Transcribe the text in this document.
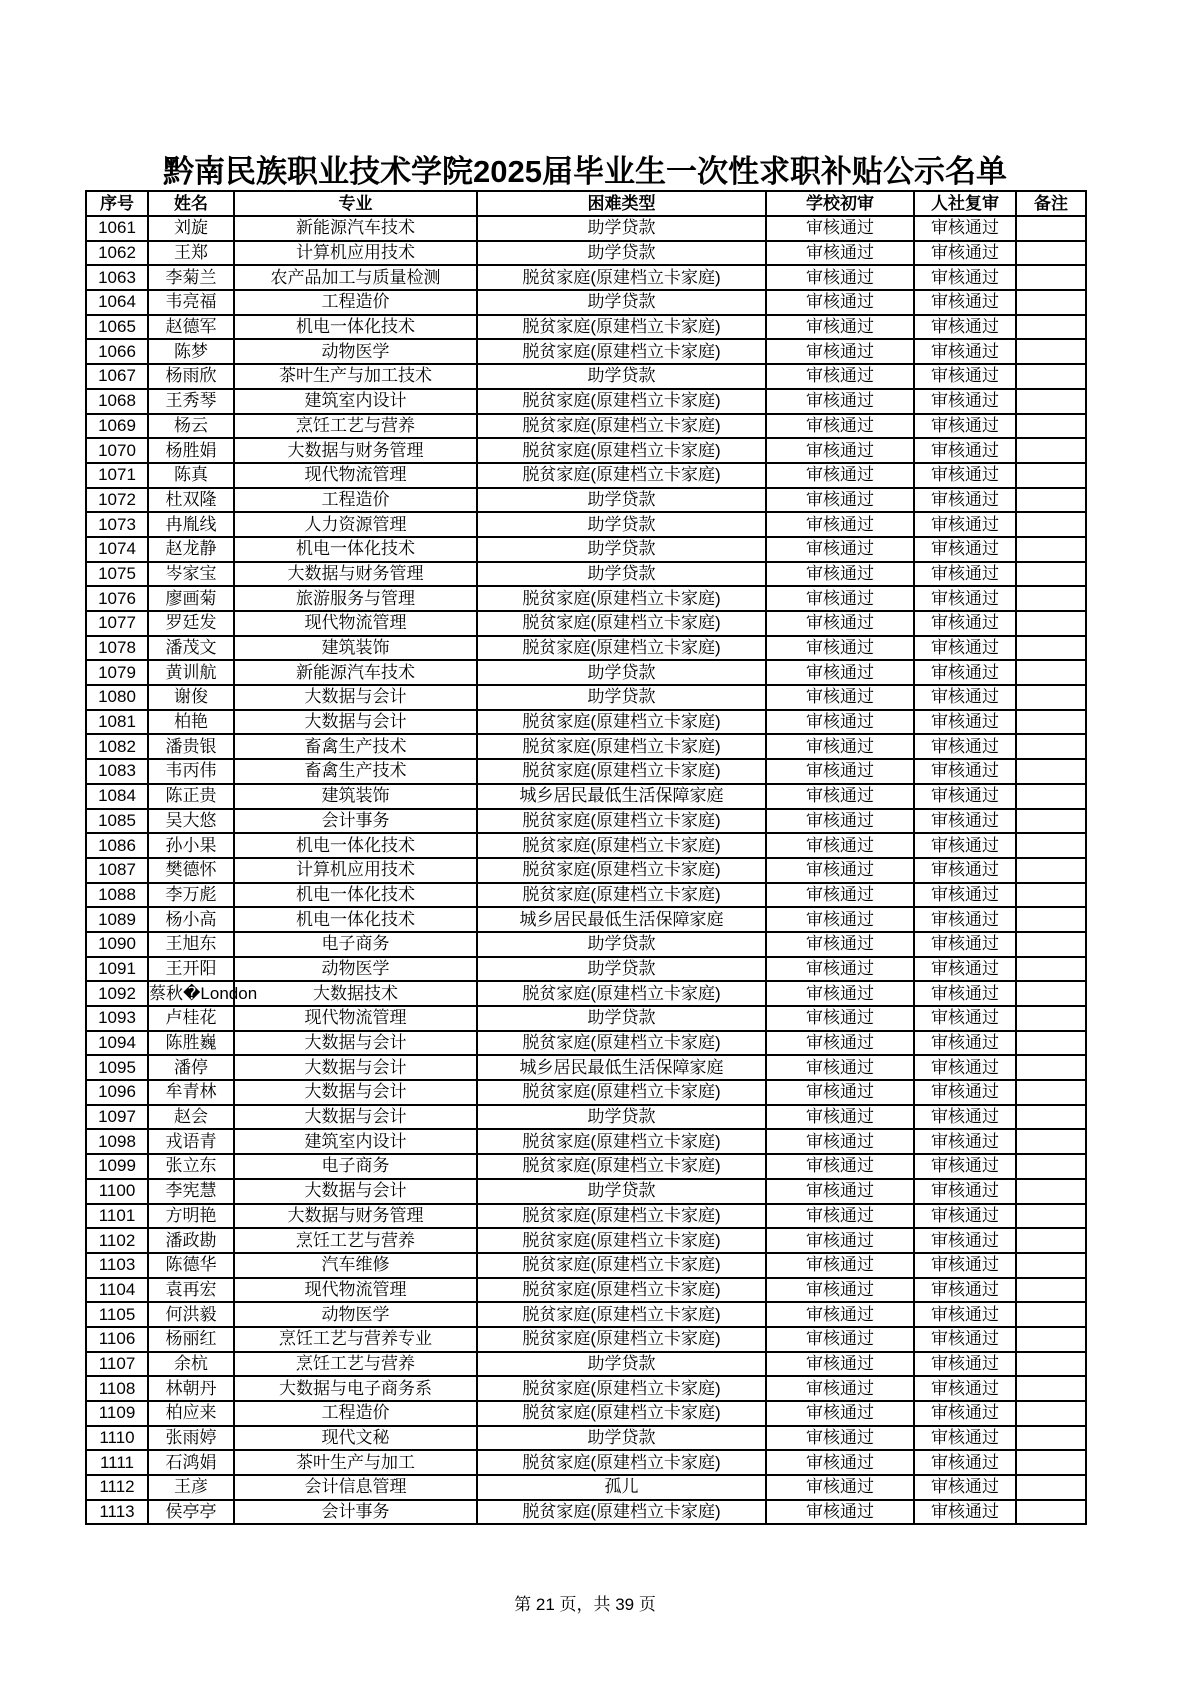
黔南民族职业技术学院2025届毕业生一次性求职补贴公示名单
序号	姓名	专业	困难类型	学校初审	人社复审	备注
1061	刘旋	新能源汽车技术	助学贷款	审核通过	审核通过	
1062	王郑	计算机应用技术	助学贷款	审核通过	审核通过	
1063	李菊兰	农产品加工与质量检测	脱贫家庭(原建档立卡家庭)	审核通过	审核通过	
1064	韦亮福	工程造价	助学贷款	审核通过	审核通过	
1065	赵德军	机电一体化技术	脱贫家庭(原建档立卡家庭)	审核通过	审核通过	
1066	陈梦	动物医学	脱贫家庭(原建档立卡家庭)	审核通过	审核通过	
1067	杨雨欣	茶叶生产与加工技术	助学贷款	审核通过	审核通过	
1068	王秀琴	建筑室内设计	脱贫家庭(原建档立卡家庭)	审核通过	审核通过	
1069	杨云	烹饪工艺与营养	脱贫家庭(原建档立卡家庭)	审核通过	审核通过	
1070	杨胜娟	大数据与财务管理	脱贫家庭(原建档立卡家庭)	审核通过	审核通过	
1071	陈真	现代物流管理	脱贫家庭(原建档立卡家庭)	审核通过	审核通过	
1072	杜双隆	工程造价	助学贷款	审核通过	审核通过	
1073	冉胤线	人力资源管理	助学贷款	审核通过	审核通过	
1074	赵龙静	机电一体化技术	助学贷款	审核通过	审核通过	
1075	岑家宝	大数据与财务管理	助学贷款	审核通过	审核通过	
1076	廖画菊	旅游服务与管理	脱贫家庭(原建档立卡家庭)	审核通过	审核通过	
1077	罗廷发	现代物流管理	脱贫家庭(原建档立卡家庭)	审核通过	审核通过	
1078	潘茂文	建筑装饰	脱贫家庭(原建档立卡家庭)	审核通过	审核通过	
1079	黄训航	新能源汽车技术	助学贷款	审核通过	审核通过	
1080	谢俊	大数据与会计	助学贷款	审核通过	审核通过	
1081	柏艳	大数据与会计	脱贫家庭(原建档立卡家庭)	审核通过	审核通过	
1082	潘贵银	畜禽生产技术	脱贫家庭(原建档立卡家庭)	审核通过	审核通过	
1083	韦丙伟	畜禽生产技术	脱贫家庭(原建档立卡家庭)	审核通过	审核通过	
1084	陈正贵	建筑装饰	城乡居民最低生活保障家庭	审核通过	审核通过	
1085	吴大悠	会计事务	脱贫家庭(原建档立卡家庭)	审核通过	审核通过	
1086	孙小果	机电一体化技术	脱贫家庭(原建档立卡家庭)	审核通过	审核通过	
1087	樊德怀	计算机应用技术	脱贫家庭(原建档立卡家庭)	审核通过	审核通过	
1088	李万彪	机电一体化技术	脱贫家庭(原建档立卡家庭)	审核通过	审核通过	
1089	杨小高	机电一体化技术	城乡居民最低生活保障家庭	审核通过	审核通过	
1090	王旭东	电子商务	助学贷款	审核通过	审核通过	
1091	王开阳	动物医学	助学贷款	审核通过	审核通过	
1092	蔡秋�London	大数据技术	脱贫家庭(原建档立卡家庭)	审核通过	审核通过	
1093	卢桂花	现代物流管理	助学贷款	审核通过	审核通过	
1094	陈胜巍	大数据与会计	脱贫家庭(原建档立卡家庭)	审核通过	审核通过	
1095	潘停	大数据与会计	城乡居民最低生活保障家庭	审核通过	审核通过	
1096	牟青林	大数据与会计	脱贫家庭(原建档立卡家庭)	审核通过	审核通过	
1097	赵会	大数据与会计	助学贷款	审核通过	审核通过	
1098	戎语青	建筑室内设计	脱贫家庭(原建档立卡家庭)	审核通过	审核通过	
1099	张立东	电子商务	脱贫家庭(原建档立卡家庭)	审核通过	审核通过	
1100	李宪慧	大数据与会计	助学贷款	审核通过	审核通过	
1101	方明艳	大数据与财务管理	脱贫家庭(原建档立卡家庭)	审核通过	审核通过	
1102	潘政勘	烹饪工艺与营养	脱贫家庭(原建档立卡家庭)	审核通过	审核通过	
1103	陈德华	汽车维修	脱贫家庭(原建档立卡家庭)	审核通过	审核通过	
1104	袁再宏	现代物流管理	脱贫家庭(原建档立卡家庭)	审核通过	审核通过	
1105	何洪毅	动物医学	脱贫家庭(原建档立卡家庭)	审核通过	审核通过	
1106	杨丽红	烹饪工艺与营养专业	脱贫家庭(原建档立卡家庭)	审核通过	审核通过	
1107	余杭	烹饪工艺与营养	助学贷款	审核通过	审核通过	
1108	林朝丹	大数据与电子商务系	脱贫家庭(原建档立卡家庭)	审核通过	审核通过	
1109	柏应来	工程造价	脱贫家庭(原建档立卡家庭)	审核通过	审核通过	
1110	张雨婷	现代文秘	助学贷款	审核通过	审核通过	
1111	石鸿娟	茶叶生产与加工	脱贫家庭(原建档立卡家庭)	审核通过	审核通过	
1112	王彦	会计信息管理	孤儿	审核通过	审核通过	
1113	侯亭亭	会计事务	脱贫家庭(原建档立卡家庭)	审核通过	审核通过	
第 21 页，共 39 页
